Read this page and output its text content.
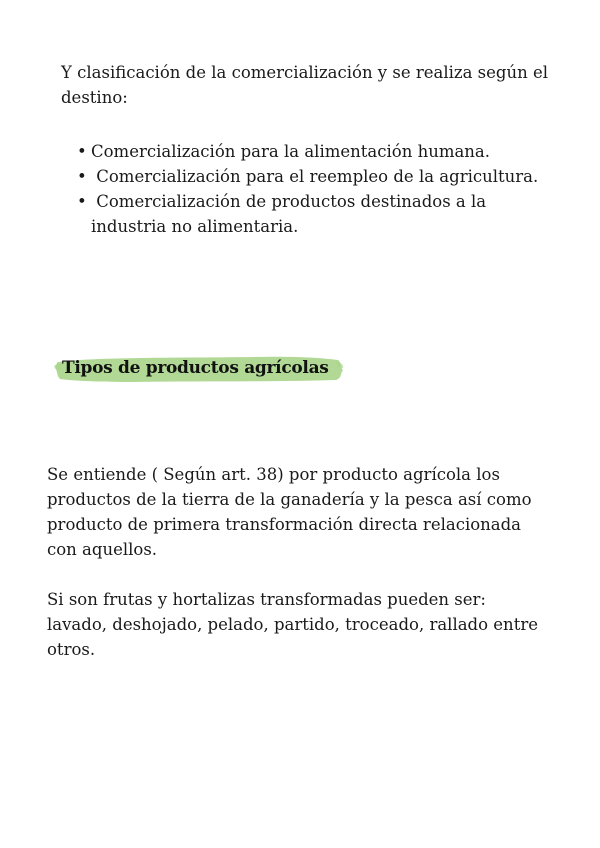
Y clasificación de la comercialización y se realiza según el
destino:
• Comercialización para la alimentación humana.
• Comercialización para el reempleo de la agricultura.
• Comercialización de productos destinados a la
industria no alimentaria.
Tipos de productos agrícolas
Se entiende ( Según art. 38) por producto agrícola los
productos de la tierra de la ganadería y la pesca así como
producto de primera transformación directa relacionada
con aquellos.
Si son frutas y hortalizas transformadas pueden ser:
lavado, deshojado, pelado, partido, troceado, rallado entre
otros.
